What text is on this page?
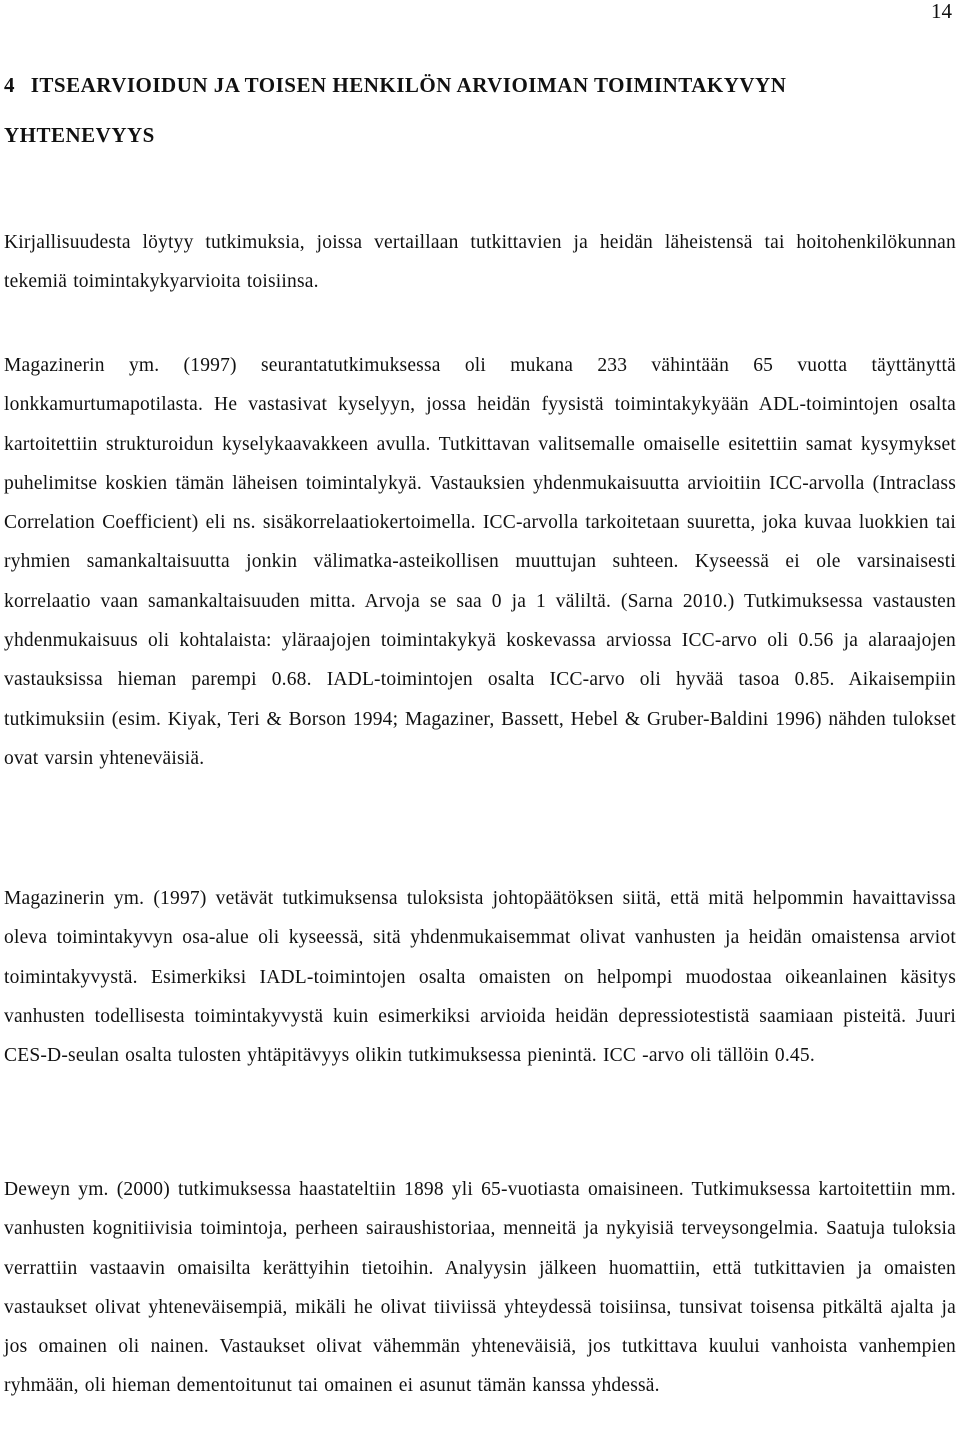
14
4 ITSEARVIOIDUN JA TOISEN HENKILÖN ARVIOIMAN TOIMINTAKYVYN YHTENEVYYS

Kirjallisuudesta löytyy tutkimuksia, joissa vertaillaan tutkittavien ja heidän läheistensä tai hoitohenkilökunnan tekemiä toimintakykyarvioita toisiinsa.

Magazinerin ym. (1997) seurantatutkimuksessa oli mukana 233 vähintään 65 vuotta täyttänyttä lonkkamurtumapotilasta. He vastasivat kyselyyn, jossa heidän fyysistä toimintakykyään ADL-toimintojen osalta kartoitettiin strukturoidun kyselykaavakkeen avulla. Tutkittavan valitsemalle omaiselle esitettiin samat kysymykset puhelimitse koskien tämän läheisen toimintalykyä. Vastauksien yhdenmukaisuutta arvioitiin ICC-arvolla (Intraclass Correlation Coefficient) eli ns. sisäkorrelaatiokertoimella. ICC-arvolla tarkoitetaan suuretta, joka kuvaa luokkien tai ryhmien samankaltaisuutta jonkin välimatka-asteikollisen muuttujan suhteen. Kyseessä ei ole varsinaisesti korrelaatio vaan samankaltaisuuden mitta. Arvoja se saa 0 ja 1 väliltä. (Sarna 2010.) Tutkimuksessa vastausten yhdenmukaisuus oli kohtalaista: yläraajojen toimintakykyä koskevassa arviossa ICC-arvo oli 0.56 ja alaraajojen vastauksissa hieman parempi 0.68. IADL-toimintojen osalta ICC-arvo oli hyvää tasoa 0.85. Aikaisempiin tutkimuksiin (esim. Kiyak, Teri & Borson 1994; Magaziner, Bassett, Hebel & Gruber-Baldini 1996) nähden tulokset ovat varsin yhteneväisiä.

Magazinerin ym. (1997) vetävät tutkimuksensa tuloksista johtopäätöksen siitä, että mitä helpommin havaittavissa oleva toimintakyvyn osa-alue oli kyseessä, sitä yhdenmukaisemmat olivat vanhusten ja heidän omaistensa arviot toimintakyvystä. Esimerkiksi IADL-toimintojen osalta omaisten on helpompi muodostaa oikeanlainen käsitys vanhusten todellisesta toimintakyvystä kuin esimerkiksi arvioida heidän depressiotestistä saamiaan pisteitä. Juuri CES-D-seulan osalta tulosten yhtäpitävyys olikin tutkimuksessa pienintä. ICC -arvo oli tällöin 0.45.

Deweyn ym. (2000) tutkimuksessa haastateltiin 1898 yli 65-vuotiasta omaisineen. Tutkimuksessa kartoitettiin mm. vanhusten kognitiivisia toimintoja, perheen sairaushistoriaa, menneitä ja nykyisiä terveysongelmia. Saatuja tuloksia verrattiin vastaavin omaisilta kerättyihin tietoihin. Analyysin jälkeen huomattiin, että tutkittavien ja omaisten vastaukset olivat yhteneväisempiä, mikäli he olivat tiiviissä yhteydessä toisiinsa, tunsivat toisensa pitkältä ajalta ja jos omainen oli nainen. Vastaukset olivat vähemmän yhteneväisiä, jos tutkittava kuului vanhoista vanhempien ryhmään, oli hieman dementoitunut tai omainen ei asunut tämän kanssa yhdessä.
